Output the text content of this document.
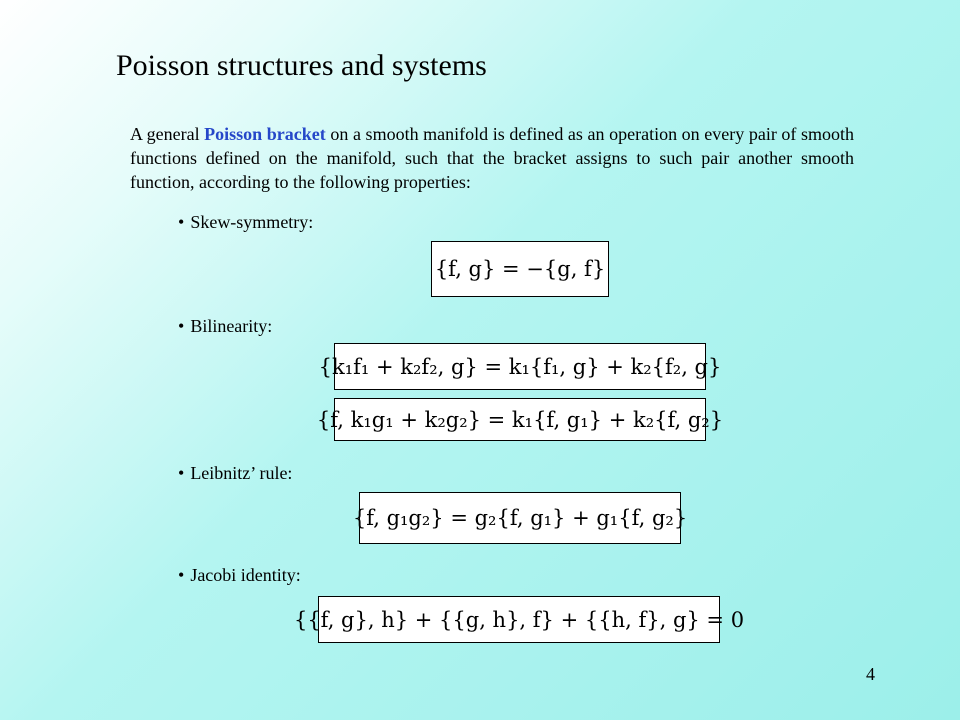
Poisson structures and systems
A general Poisson bracket on a smooth manifold is defined as an operation on every pair of smooth functions defined on the manifold, such that the bracket assigns to such pair another smooth function, according to the following properties:
• Skew-symmetry:
{f, g} = −{g, f}
• Bilinearity:
{k₁f₁ + k₂f₂, g} = k₁{f₁, g} + k₂{f₂, g}
{f, k₁g₁ + k₂g₂} = k₁{f, g₁} + k₂{f, g₂}
• Leibnitz’ rule:
{f, g₁g₂} = g₂{f, g₁} + g₁{f, g₂}
• Jacobi identity:
{{f, g}, h} + {{g, h}, f} + {{h, f}, g} = 0
4
